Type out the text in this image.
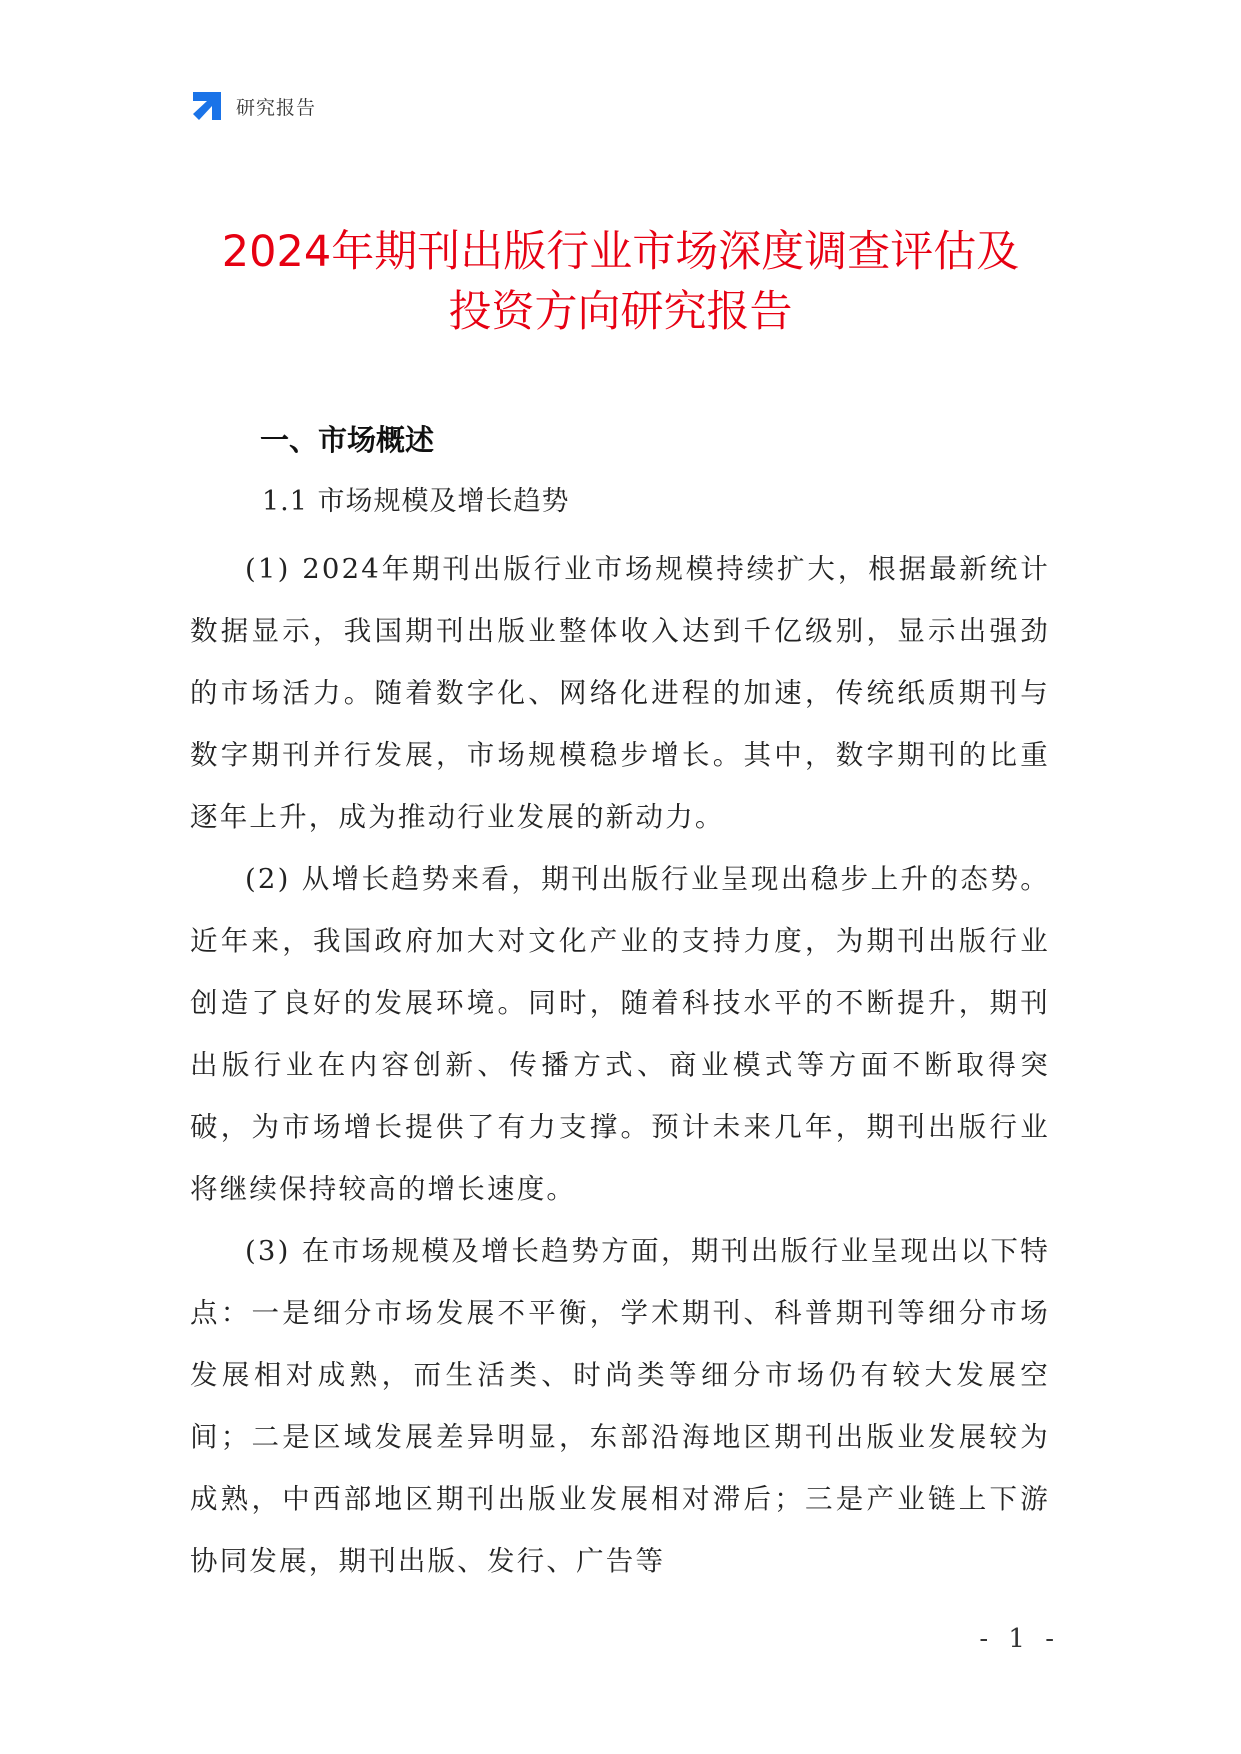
研究报告
2024年期刊出版行业市场深度调查评估及
投资方向研究报告
一、市场概述
1.1 市场规模及增长趋势

(1) 2024年期刊出版行业市场规模持续扩大，根据最新统计数据显示，我国期刊出版业整体收入达到千亿级别，显示出强劲的市场活力。随着数字化、网络化进程的加速，传统纸质期刊与数字期刊并行发展，市场规模稳步增长。其中，数字期刊的比重逐年上升，成为推动行业发展的新动力。

(2) 从增长趋势来看，期刊出版行业呈现出稳步上升的态势。近年来，我国政府加大对文化产业的支持力度，为期刊出版行业创造了良好的发展环境。同时，随着科技水平的不断提升，期刊出版行业在内容创新、传播方式、商业模式等方面不断取得突破，为市场增长提供了有力支撑。预计未来几年，期刊出版行业将继续保持较高的增长速度。

(3) 在市场规模及增长趋势方面，期刊出版行业呈现出以下特点：一是细分市场发展不平衡，学术期刊、科普期刊等细分市场发展相对成熟，而生活类、时尚类等细分市场仍有较大发展空间；二是区域发展差异明显，东部沿海地区期刊出版业发展较为成熟，中西部地区期刊出版业发展相对滞后；三是产业链上下游协同发展，期刊出版、发行、广告等

- 1 -
